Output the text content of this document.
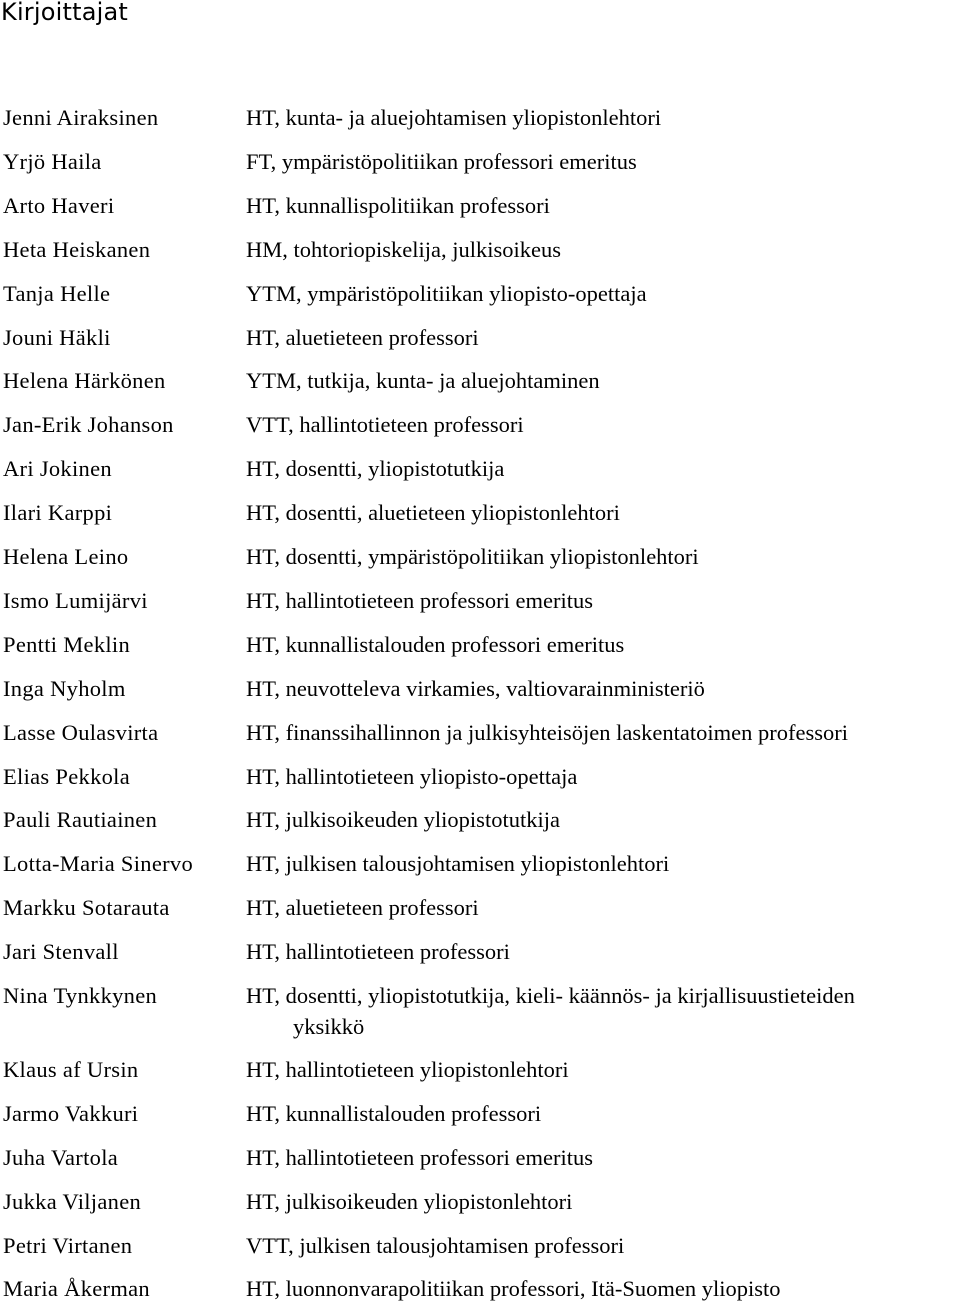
Kirjoittajat
Jenni Airaksinen	HT, kunta- ja aluejohtamisen yliopistonlehtori
Yrjö Haila	FT, ympäristöpolitiikan professori emeritus
Arto Haveri	HT, kunnallispolitiikan professori
Heta Heiskanen	HM, tohtoriopiskelija, julkisoikeus
Tanja Helle	YTM, ympäristöpolitiikan yliopisto-opettaja
Jouni Häkli	HT, aluetieteen professori
Helena Härkönen	YTM, tutkija, kunta- ja aluejohtaminen
Jan-Erik Johanson	VTT, hallintotieteen professori
Ari Jokinen	HT, dosentti, yliopistotutkija
Ilari Karppi	HT, dosentti, aluetieteen yliopistonlehtori
Helena Leino	HT, dosentti, ympäristöpolitiikan yliopistonlehtori
Ismo Lumijärvi	HT, hallintotieteen professori emeritus
Pentti Meklin	HT, kunnallistalouden professori emeritus
Inga Nyholm	HT, neuvotteleva virkamies, valtiovarainministeriö
Lasse Oulasvirta	HT, finanssihallinnon ja julkisyhteisöjen laskentatoimen professori
Elias Pekkola	HT, hallintotieteen yliopisto-opettaja
Pauli Rautiainen	HT, julkisoikeuden yliopistotutkija
Lotta-Maria Sinervo HT, julkisen talousjohtamisen yliopistonlehtori
Markku Sotarauta	HT, aluetieteen professori
Jari Stenvall	HT, hallintotieteen professori
Nina Tynkkynen	HT, dosentti, yliopistotutkija, kieli- käännös- ja kirjallisuustieteiden
yksikkö
Klaus af Ursin	HT, hallintotieteen yliopistonlehtori
Jarmo Vakkuri	HT, kunnallistalouden professori
Juha Vartola	HT, hallintotieteen professori emeritus
Jukka Viljanen	HT, julkisoikeuden yliopistonlehtori
Petri Virtanen	VTT, julkisen talousjohtamisen professori
Maria Åkerman	HT, luonnonvarapolitiikan professori, Itä-Suomen yliopisto
